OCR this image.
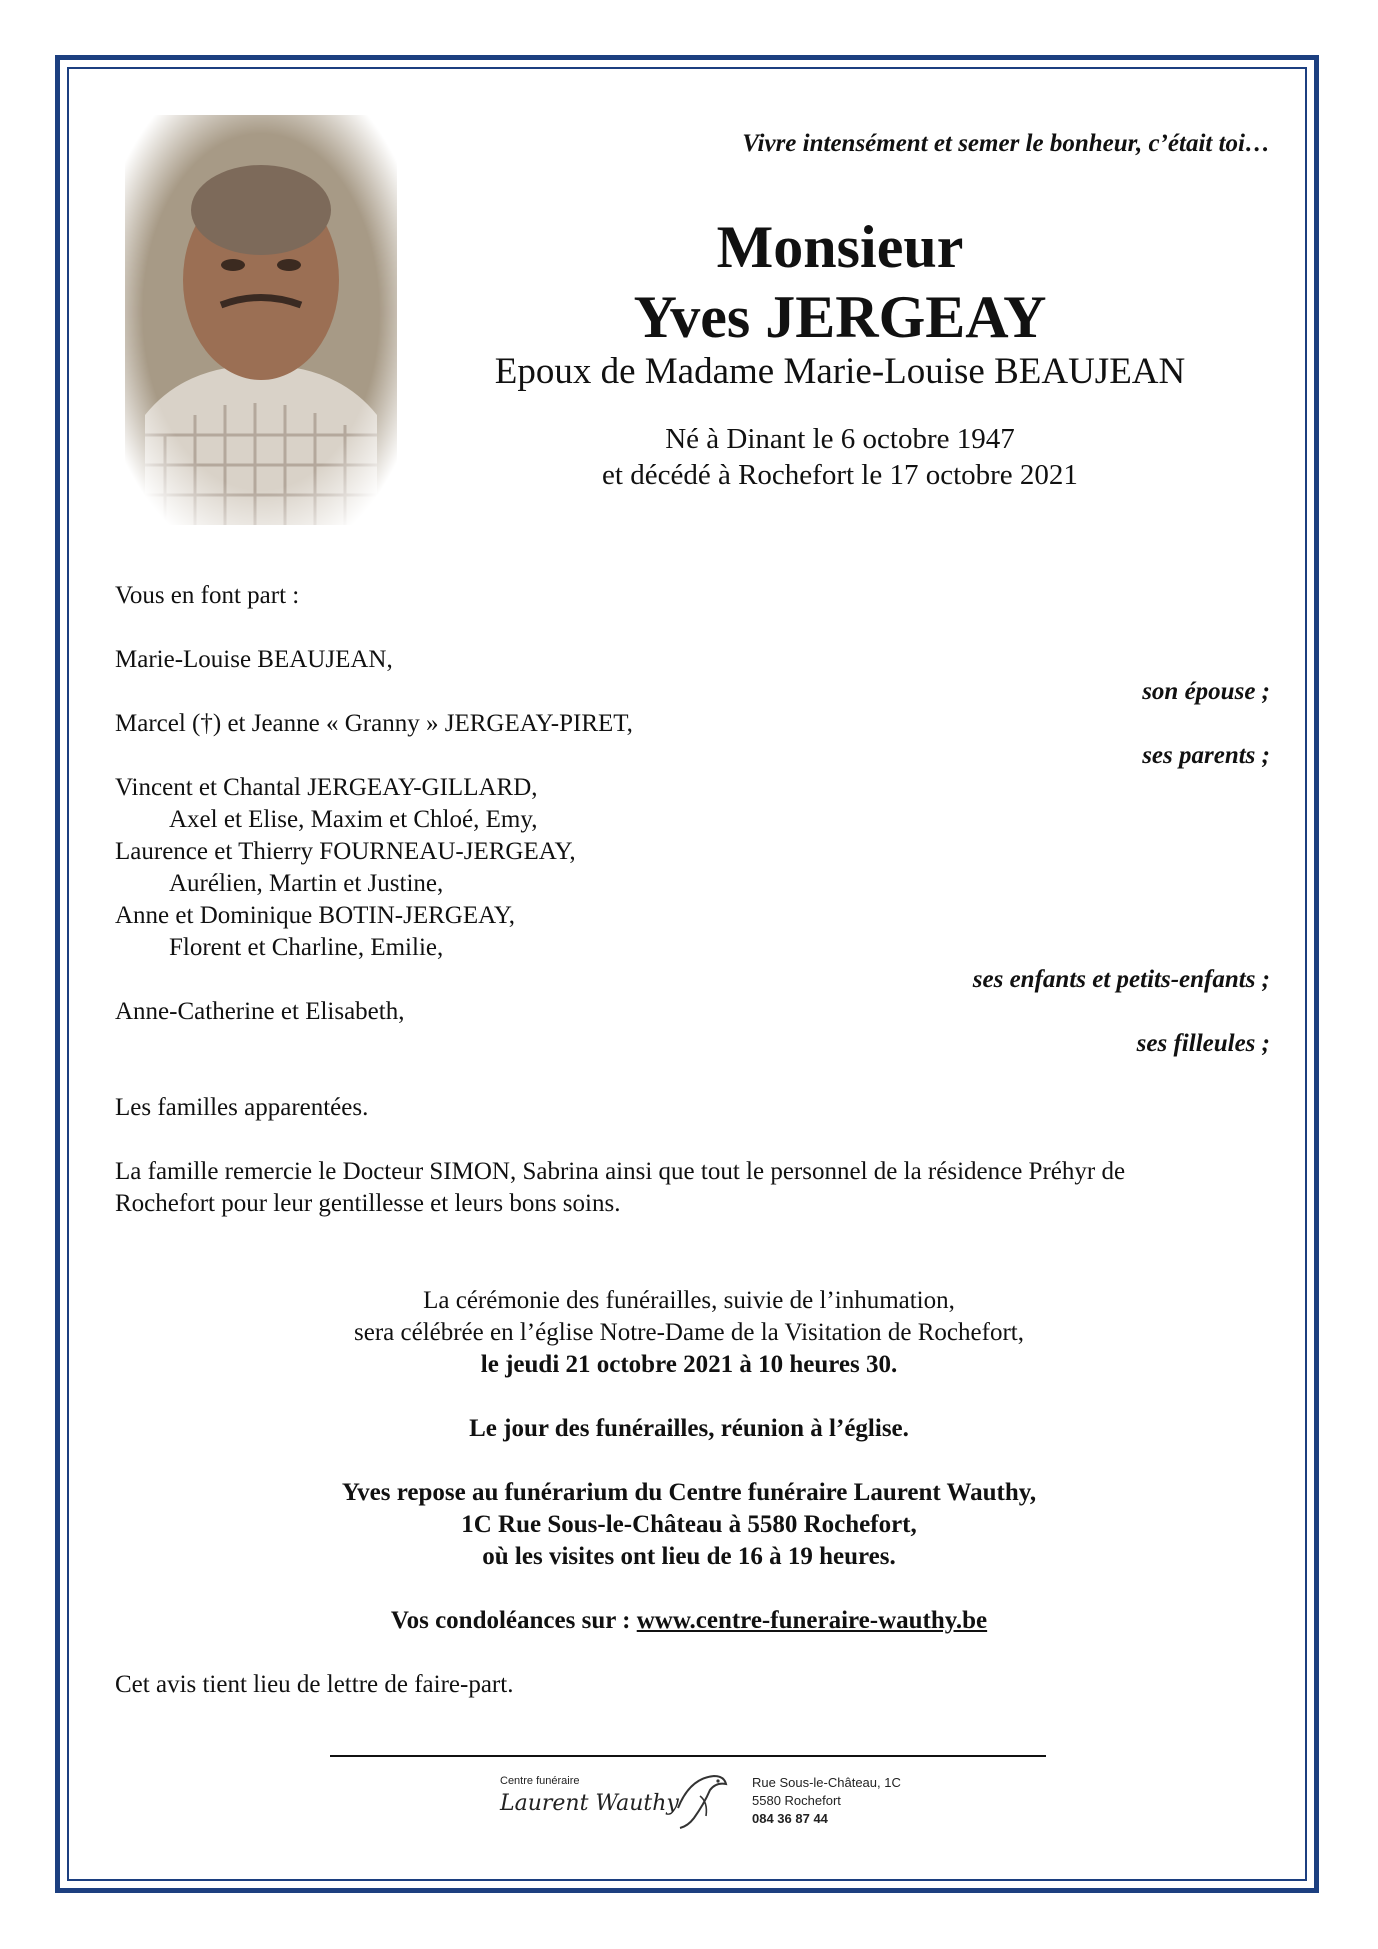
Vivre intensément et semer le bonheur, c’était toi…
Monsieur
Yves JERGEAY
Epoux de Madame Marie-Louise BEAUJEAN
Né à Dinant le 6 octobre 1947
et décédé à Rochefort le 17 octobre 2021
Vous en font part :
Marie-Louise BEAUJEAN,
son épouse ;
Marcel (†) et Jeanne « Granny » JERGEAY-PIRET,
ses parents ;
Vincent et Chantal JERGEAY-GILLARD,
Axel et Elise, Maxim et Chloé, Emy,
Laurence et Thierry FOURNEAU-JERGEAY,
Aurélien, Martin et Justine,
Anne et Dominique BOTIN-JERGEAY,
Florent et Charline, Emilie,
ses enfants et petits-enfants ;
Anne-Catherine et Elisabeth,
ses filleules ;
Les familles apparentées.
La famille remercie le Docteur SIMON, Sabrina ainsi que tout le personnel de la résidence Préhyr de
Rochefort pour leur gentillesse et leurs bons soins.
La cérémonie des funérailles, suivie de l’inhumation,
sera célébrée en l’église Notre-Dame de la Visitation de Rochefort,
le jeudi 21 octobre 2021 à 10 heures 30.
Le jour des funérailles, réunion à l’église.
Yves repose au funérarium du Centre funéraire Laurent Wauthy,
1C Rue Sous-le-Château à 5580 Rochefort,
où les visites ont lieu de 16 à 19 heures.
Vos condoléances sur : www.centre-funeraire-wauthy.be
Cet avis tient lieu de lettre de faire-part.
Centre funéraire
Laurent Wauthy
Rue Sous-le-Château, 1C
5580 Rochefort
084 36 87 44
